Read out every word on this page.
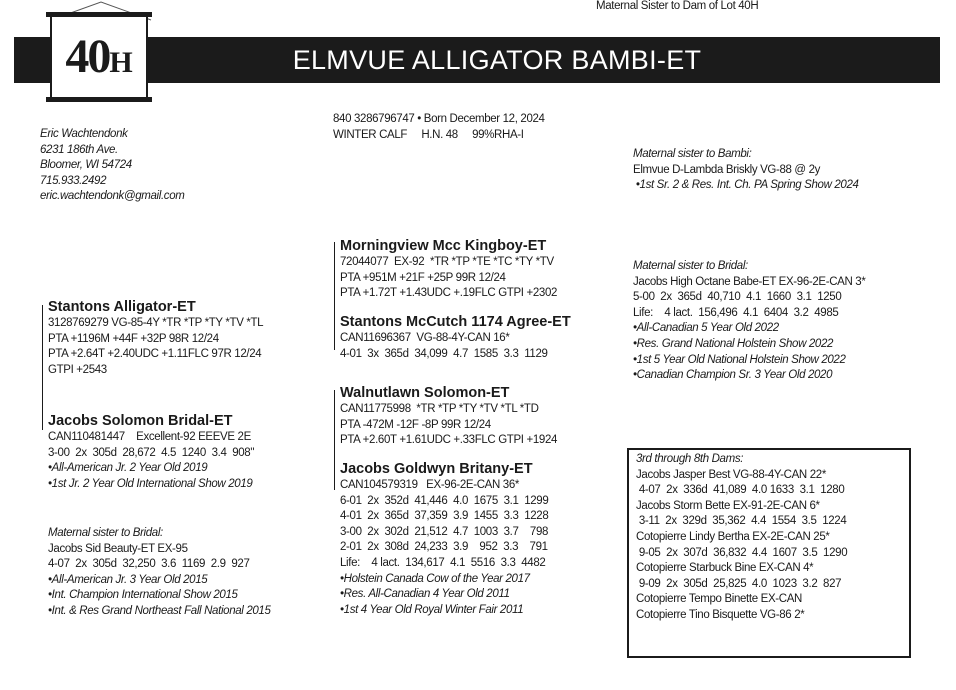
Maternal Sister to Dam of Lot 40H
ELMVUE ALLIGATOR BAMBI-ET
40H
Eric Wachtendonk
6231 186th Ave.
Bloomer, WI 54724
715.933.2492
eric.wachtendonk@gmail.com
840 3286796747 • Born December 12, 2024
WINTER CALF     H.N. 48     99%RHA-I
Stantons Alligator-ET
3128769279 VG-85-4Y *TR *TP *TY *TV *TL
PTA +1196M +44F +32P 98R 12/24
PTA +2.64T +2.40UDC +1.11FLC 97R 12/24
GTPI +2543
Jacobs Solomon Bridal-ET
CAN110481447    Excellent-92 EEEVE 2E
3-00  2x  305d  28,672  4.5  1240  3.4  908"
•All-American Jr. 2 Year Old 2019
•1st Jr. 2 Year Old International Show 2019
Maternal sister to Bridal:
Jacobs Sid Beauty-ET EX-95
4-07  2x  305d  32,250  3.6  1169  2.9  927
•All-American Jr. 3 Year Old 2015
•Int. Champion International Show 2015
•Int. & Res Grand Northeast Fall National 2015
Morningview Mcc Kingboy-ET
72044077  EX-92  *TR *TP *TE *TC *TY *TV
PTA +951M +21F +25P 99R 12/24
PTA +1.72T +1.43UDC +.19FLC GTPI +2302
Stantons McCutch 1174 Agree-ET
CAN11696367  VG-88-4Y-CAN 16*
4-01  3x  365d  34,099  4.7  1585  3.3  1129
Walnutlawn Solomon-ET
CAN11775998  *TR *TP *TY *TV *TL *TD
PTA -472M -12F -8P 99R 12/24
PTA +2.60T +1.61UDC +.33FLC GTPI +1924
Jacobs Goldwyn Britany-ET
CAN104579319   EX-96-2E-CAN 36*
6-01  2x  352d  41,446  4.0  1675  3.1  1299
4-01  2x  365d  37,359  3.9  1455  3.3  1228
3-00  2x  302d  21,512  4.7  1003  3.7    798
2-01  2x  308d  24,233  3.9    952  3.3    791
Life:    4 lact.  134,617  4.1  5516  3.3  4482
•Holstein Canada Cow of the Year 2017
•Res. All-Canadian 4 Year Old 2011
•1st 4 Year Old Royal Winter Fair 2011
Maternal sister to Bambi:
Elmvue D-Lambda Briskly VG-88 @ 2y
•1st Sr. 2 & Res. Int. Ch. PA Spring Show 2024
Maternal sister to Bridal:
Jacobs High Octane Babe-ET EX-96-2E-CAN 3*
5-00  2x  365d  40,710  4.1  1660  3.1  1250
Life:    4 lact.  156,496  4.1  6404  3.2  4985
•All-Canadian 5 Year Old 2022
•Res. Grand National Holstein Show 2022
•1st 5 Year Old National Holstein Show 2022
•Canadian Champion Sr. 3 Year Old 2020
3rd through 8th Dams:
Jacobs Jasper Best VG-88-4Y-CAN 22*
4-07  2x  336d  41,089  4.0 1633  3.1  1280
Jacobs Storm Bette EX-91-2E-CAN 6*
3-11  2x  329d  35,362  4.4  1554  3.5  1224
Cotopierre Lindy Bertha EX-2E-CAN 25*
9-05  2x  307d  36,832  4.4  1607  3.5  1290
Cotopierre Starbuck Bine EX-CAN 4*
9-09  2x  305d  25,825  4.0  1023  3.2  827
Cotopierre Tempo Binette EX-CAN
Cotopierre Tino Bisquette VG-86 2*
